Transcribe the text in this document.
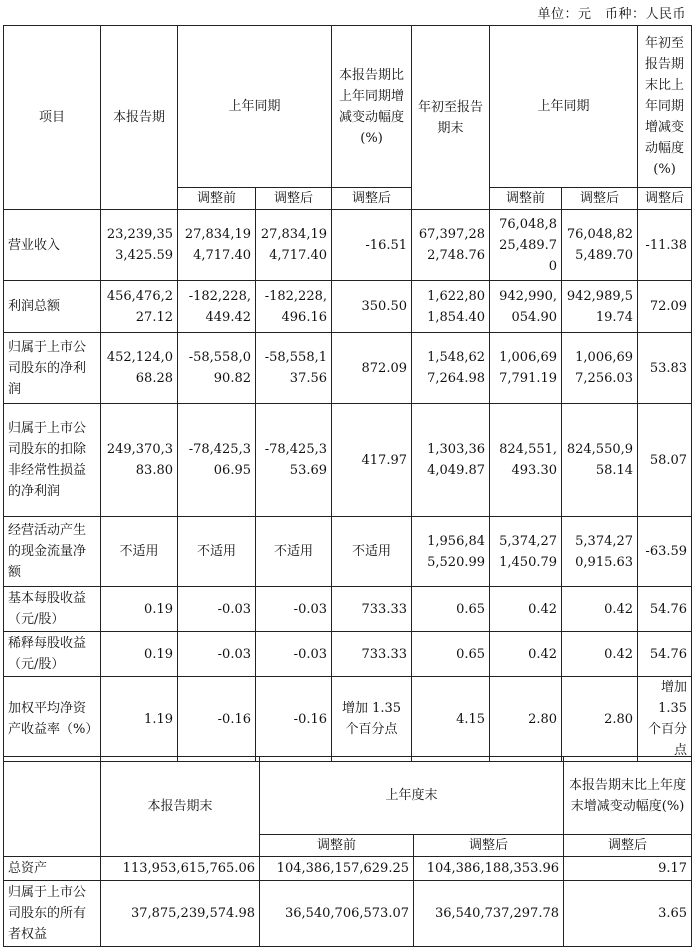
单位：元　币种：人民币
项目	本报告期	上年同期		本报告期比上年同期增减变动幅度(%)	年初至报告期末	上年同期		年初至报告期末比上年同期增减变动幅度(%)
		调整前	调整后	调整后		调整前	调整后	调整后
营业收入	23,239,353,425.59	27,834,194,717.40	27,834,194,717.40	-16.51	67,397,282,748.76	76,048,825,489.70	76,048,825,489.70	-11.38
利润总额	456,476,227.12	-182,228,449.42	-182,228,496.16	350.50	1,622,801,854.40	942,990,054.90	942,989,519.74	72.09
归属于上市公司股东的净利润	452,124,068.28	-58,558,090.82	-58,558,137.56	872.09	1,548,627,264.98	1,006,697,791.19	1,006,697,256.03	53.83
归属于上市公司股东的扣除非经常性损益的净利润	249,370,383.80	-78,425,306.95	-78,425,353.69	417.97	1,303,364,049.87	824,551,493.30	824,550,958.14	58.07
经营活动产生的现金流量净额	不适用	不适用	不适用	不适用	1,956,845,520.99	5,374,271,450.79	5,374,270,915.63	-63.59
基本每股收益（元/股）	0.19	-0.03	-0.03	733.33	0.65	0.42	0.42	54.76
稀释每股收益（元/股）	0.19	-0.03	-0.03	733.33	0.65	0.42	0.42	54.76
加权平均净资产收益率（%）	1.19	-0.16	-0.16	增加 1.35 个百分点	4.15	2.80	2.80	增加 1.35 个百分点
	本报告期末	上年度末		本报告期末比上年度末增减变动幅度(%)
		调整前	调整后	调整后
总资产	113,953,615,765.06	104,386,157,629.25	104,386,188,353.96	9.17
归属于上市公司股东的所有者权益	37,875,239,574.98	36,540,706,573.07	36,540,737,297.78	3.65
